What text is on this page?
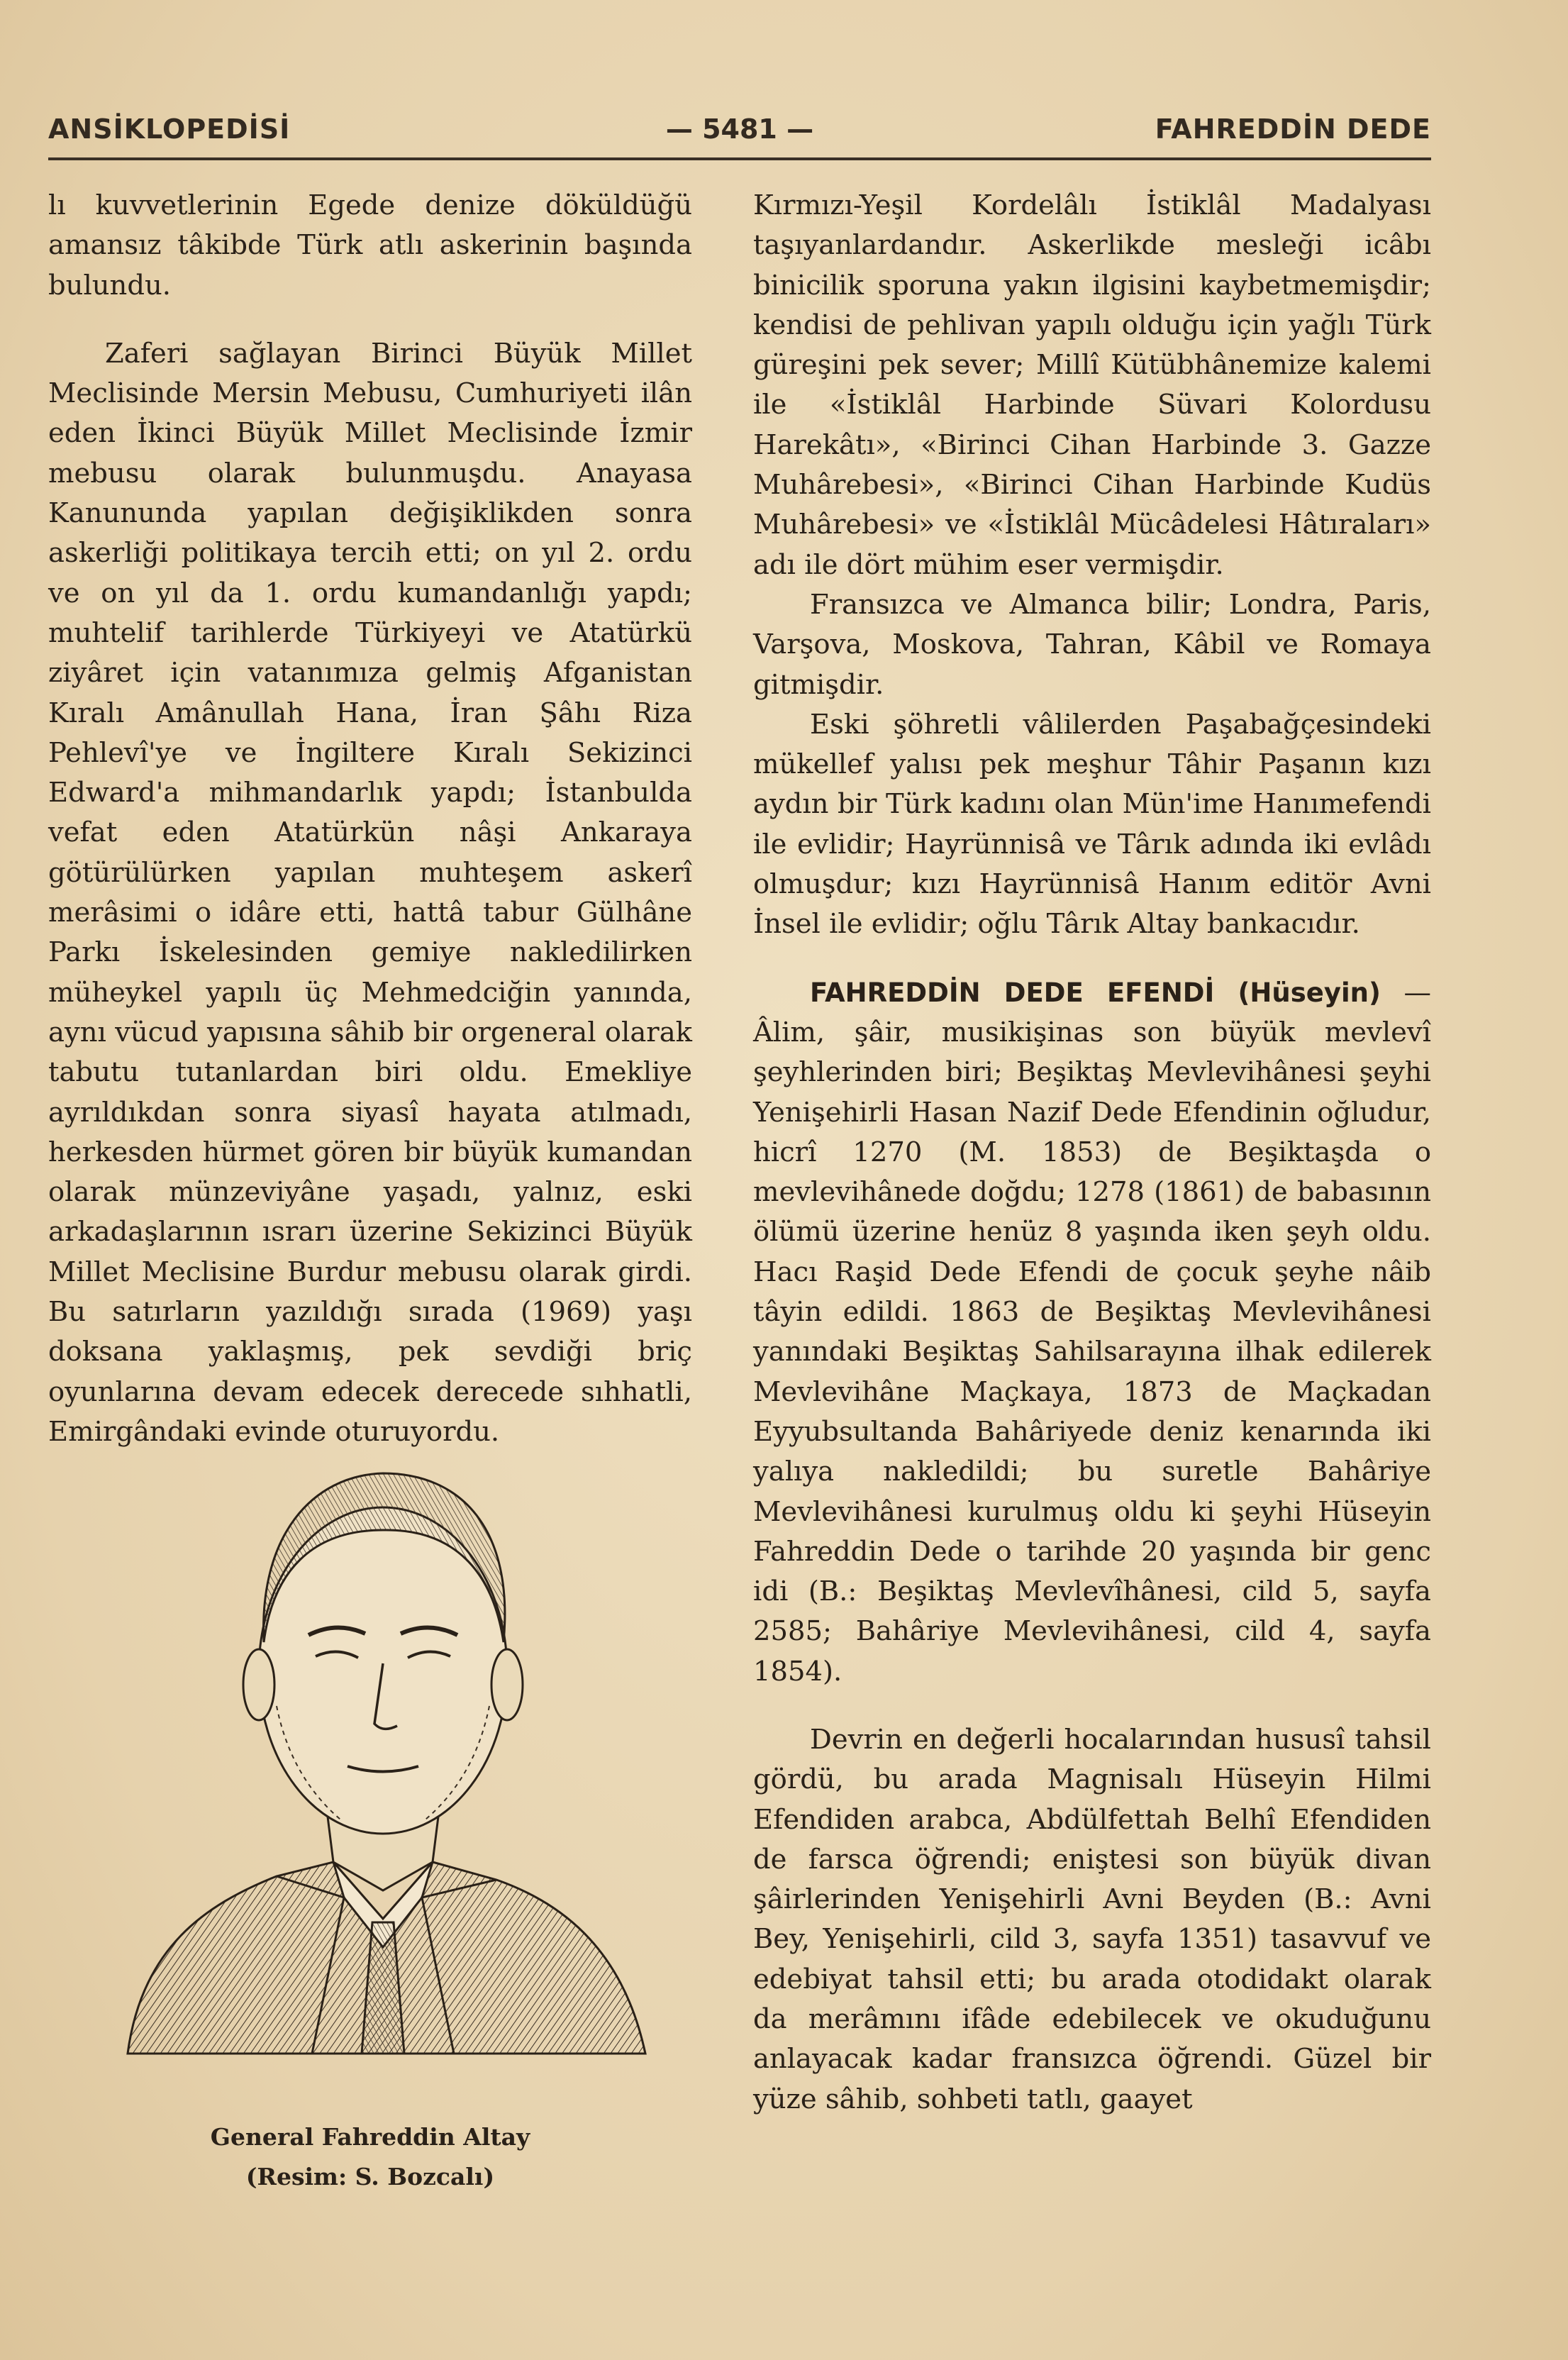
ANSİKLOPEDİSİ	— 5481 —	FAHREDDİN DEDE

lı kuvvetlerinin Egede denize döküldüğü amansız tâkibde Türk atlı askerinin başında bulundu.

Zaferi sağlayan Birinci Büyük Millet Meclisinde Mersin Mebusu, Cumhuriyeti ilân eden İkinci Büyük Millet Meclisinde İzmir mebusu olarak bulunmuşdu. Anayasa Kanununda yapılan değişiklikden sonra askerliği politikaya tercih etti; on yıl 2. ordu ve on yıl da 1. ordu kumandanlığı yapdı; muhtelif tarihlerde Türkiyeyi ve Atatürkü ziyâret için vatanımıza gelmiş Afganistan Kıralı Amânullah Hana, İran Şâhı Riza Pehlevî'ye ve İngiltere Kıralı Sekizinci Edward'a mihmandarlık yapdı; İstanbulda vefat eden Atatürkün nâşi Ankaraya götürülürken yapılan muhteşem askerî merâsimi o idâre etti, hattâ tabur Gülhâne Parkı İskelesinden gemiye nakledilirken müheykel yapılı üç Mehmedciğin yanında, aynı vücud yapısına sâhib bir orgeneral olarak tabutu tutanlardan biri oldu. Emekliye ayrıldıkdan sonra siyasî hayata atılmadı, herkesden hürmet gören bir büyük kumandan olarak münzeviyâne yaşadı, yalnız, eski arkadaşlarının ısrarı üzerine Sekizinci Büyük Millet Meclisine Burdur mebusu olarak girdi. Bu satırların yazıldığı sırada (1969) yaşı doksana yaklaşmış, pek sevdiği briç oyunlarına devam edecek derecede sıhhatli, Emirgândaki evinde oturuyordu.

General Fahreddin Altay
(Resim: S. Bozcalı)

Kırmızı-Yeşil Kordelâlı İstiklâl Madalyası taşıyanlardandır. Askerlikde mesleği icâbı binicilik sporuna yakın ilgisini kaybetmemişdir; kendisi de pehlivan yapılı olduğu için yağlı Türk güreşini pek sever; Millî Kütübhânemize kalemi ile «İstiklâl Harbinde Süvari Kolordusu Harekâtı», «Birinci Cihan Harbinde 3. Gazze Muhârebesi», «Birinci Cihan Harbinde Kudüs Muhârebesi» ve «İstiklâl Mücâdelesi Hâtıraları» adı ile dört mühim eser vermişdir.

Fransızca ve Almanca bilir; Londra, Paris, Varşova, Moskova, Tahran, Kâbil ve Romaya gitmişdir.

Eski şöhretli vâlilerden Paşabağçesindeki mükellef yalısı pek meşhur Tâhir Paşanın kızı aydın bir Türk kadını olan Mün'ime Hanımefendi ile evlidir; Hayrünnisâ ve Târık adında iki evlâdı olmuşdur; kızı Hayrünnisâ Hanım editör Avni İnsel ile evlidir; oğlu Târık Altay bankacıdır.

FAHREDDİN DEDE EFENDİ (Hüseyin) — Âlim, şâir, musikişinas son büyük mevlevî şeyhlerinden biri; Beşiktaş Mevlevihânesi şeyhi Yenişehirli Hasan Nazif Dede Efendinin oğludur, hicrî 1270 (M. 1853) de Beşiktaşda o mevlevihânede doğdu; 1278 (1861) de babasının ölümü üzerine henüz 8 yaşında iken şeyh oldu. Hacı Raşid Dede Efendi de çocuk şeyhe nâib tâyin edildi. 1863 de Beşiktaş Mevlevihânesi yanındaki Beşiktaş Sahilsarayına ilhak edilerek Mevlevihâne Maçkaya, 1873 de Maçkadan Eyyubsultanda Bahâriyede deniz kenarında iki yalıya nakledildi; bu suretle Bahâriye Mevlevihânesi kurulmuş oldu ki şeyhi Hüseyin Fahreddin Dede o tarihde 20 yaşında bir genc idi (B.: Beşiktaş Mevlevîhânesi, cild 5, sayfa 2585; Bahâriye Mevlevihânesi, cild 4, sayfa 1854).

Devrin en değerli hocalarından hususî tahsil gördü, bu arada Magnisalı Hüseyin Hilmi Efendiden arabca, Abdülfettah Belhî Efendiden de farsca öğrendi; eniştesi son büyük divan şâirlerinden Yenişehirli Avni Beyden (B.: Avni Bey, Yenişehirli, cild 3, sayfa 1351) tasavvuf ve edebiyat tahsil etti; bu arada otodidakt olarak da merâmını ifâde edebilecek ve okuduğunu anlayacak kadar fransızca öğrendi. Güzel bir yüze sâhib, sohbeti tatlı, gaayet
